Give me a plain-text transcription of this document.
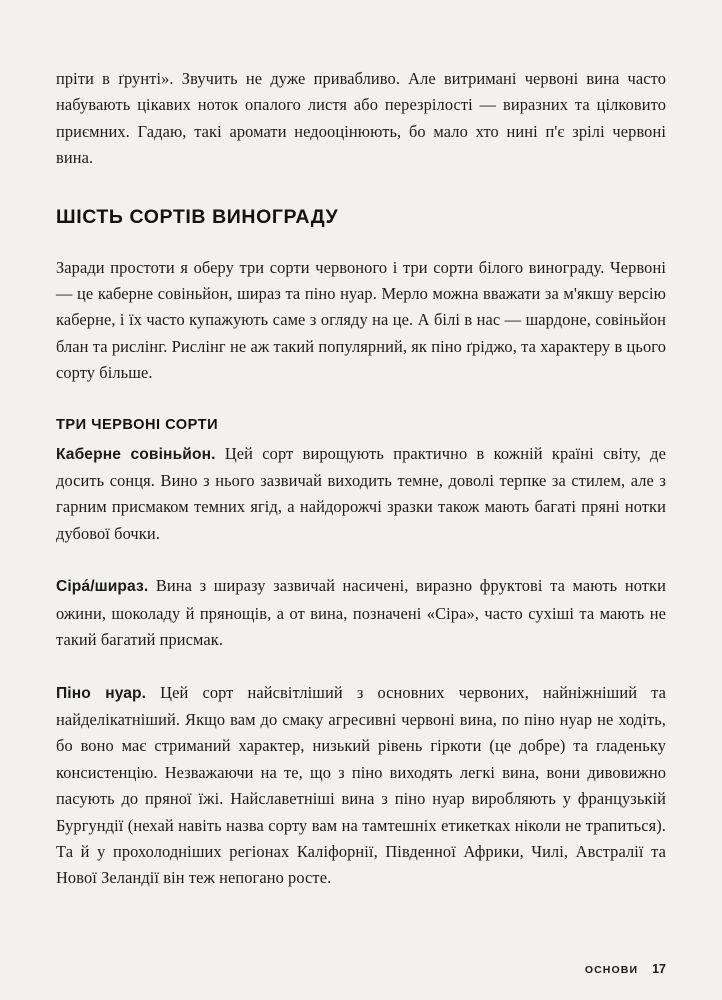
пріти в ґрунті». Звучить не дуже привабливо. Але витримані червоні вина часто набувають цікавих ноток опалого листя або перезрілості — виразних та цілковито приємних. Гадаю, такі аромати недооцінюють, бо мало хто нині п'є зрілі червоні вина.

ШІСТЬ СОРТІВ ВИНОГРАДУ

Заради простоти я оберу три сорти червоного і три сорти білого винограду. Червоні — це каберне совіньйон, шираз та піно нуар. Мерло можна вважати за м'якшу версію каберне, і їх часто купажують саме з огляду на це. А білі в нас — шардоне, совіньйон блан та рислінг. Рислінг не аж такий популярний, як піно ґріджо, та характеру в цього сорту більше.

ТРИ ЧЕРВОНІ СОРТИ

Каберне совіньйон. Цей сорт вирощують практично в кожній країні світу, де досить сонця. Вино з нього зазвичай виходить темне, доволі терпке за стилем, але з гарним присмаком темних ягід, а найдорожчі зразки також мають багаті пряні нотки дубової бочки.

Сіра́/шираз. Вина з ширазу зазвичай насичені, виразно фруктові та мають нотки ожини, шоколаду й прянощів, а от вина, позначені «Сіра», часто сухіші та мають не такий багатий присмак.

Піно нуар. Цей сорт найсвітліший з основних червоних, найніжніший та найделікатніший. Якщо вам до смаку агресивні червоні вина, по піно нуар не ходіть, бо воно має стриманий характер, низький рівень гіркоти (це добре) та гладеньку консистенцію. Незважаючи на те, що з піно виходять легкі вина, вони дивовижно пасують до пряної їжі. Найславетніші вина з піно нуар виробляють у французькій Бургундії (нехай навіть назва сорту вам на тамтешніх етикетках ніколи не трапиться). Та й у прохолодніших регіонах Каліфорнії, Південної Африки, Чилі, Австралії та Нової Зеландії він теж непогано росте.

ОСНОВИ 17
